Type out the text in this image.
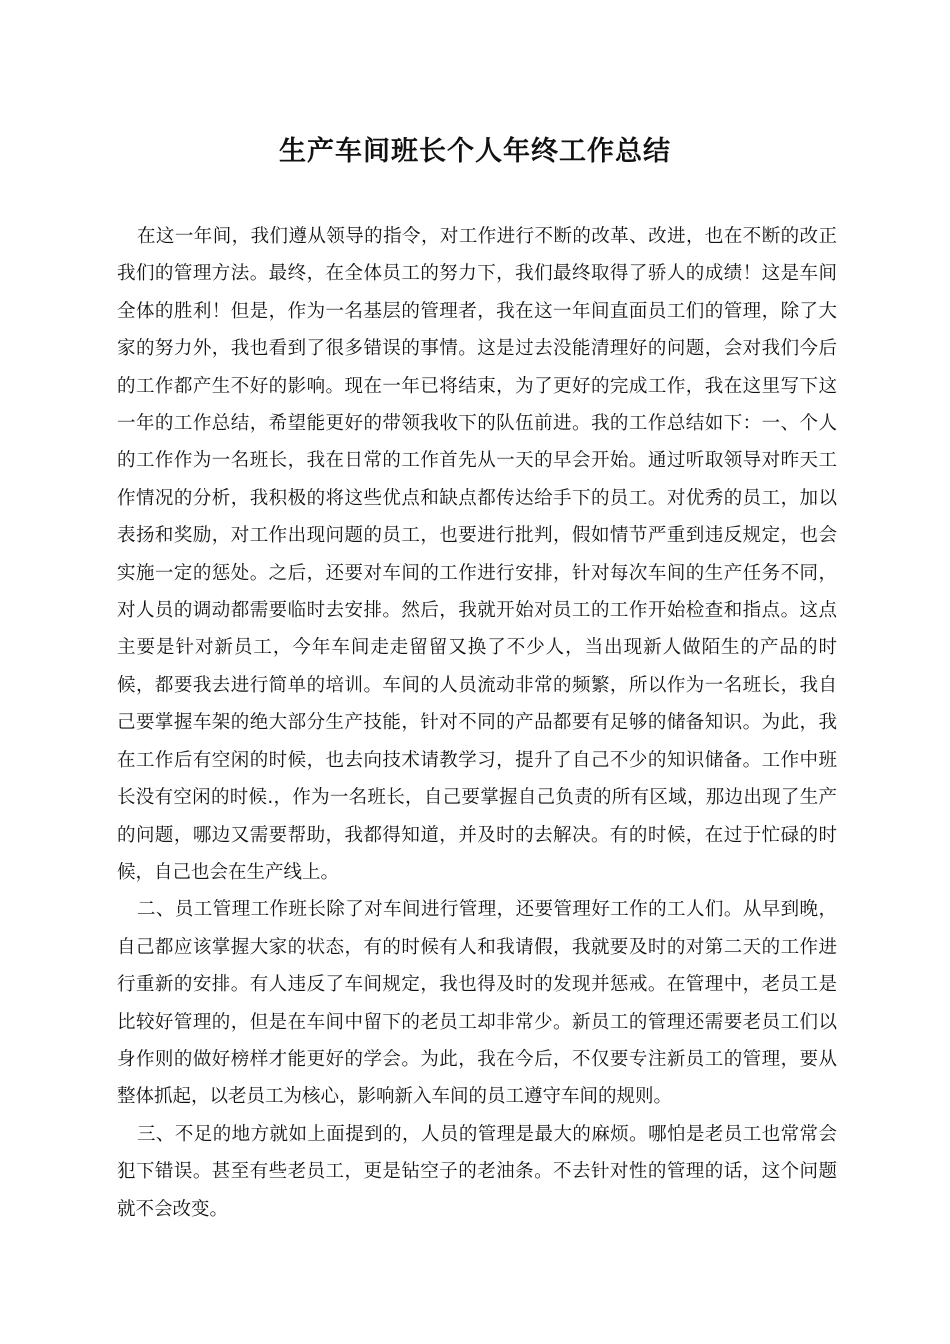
生产车间班长个人年终工作总结

在这一年间，我们遵从领导的指令，对工作进行不断的改革、改进，也在不断的改正我们的管理方法。最终，在全体员工的努力下，我们最终取得了骄人的成绩！这是车间全体的胜利！但是，作为一名基层的管理者，我在这一年间直面员工们的管理，除了大家的努力外，我也看到了很多错误的事情。这是过去没能清理好的问题，会对我们今后的工作都产生不好的影响。现在一年已将结束，为了更好的完成工作，我在这里写下这一年的工作总结，希望能更好的带领我收下的队伍前进。我的工作总结如下：一、个人的工作作为一名班长，我在日常的工作首先从一天的早会开始。通过听取领导对昨天工作情况的分析，我积极的将这些优点和缺点都传达给手下的员工。对优秀的员工，加以表扬和奖励，对工作出现问题的员工，也要进行批判，假如情节严重到违反规定，也会实施一定的惩处。之后，还要对车间的工作进行安排，针对每次车间的生产任务不同，对人员的调动都需要临时去安排。然后，我就开始对员工的工作开始检查和指点。这点主要是针对新员工，今年车间走走留留又换了不少人，当出现新人做陌生的产品的时候，都要我去进行简单的培训。车间的人员流动非常的频繁，所以作为一名班长，我自己要掌握车架的绝大部分生产技能，针对不同的产品都要有足够的储备知识。为此，我在工作后有空闲的时候，也去向技术请教学习，提升了自己不少的知识储备。工作中班长没有空闲的时候.，作为一名班长，自己要掌握自己负责的所有区域，那边出现了生产的问题，哪边又需要帮助，我都得知道，并及时的去解决。有的时候，在过于忙碌的时候，自己也会在生产线上。

二、员工管理工作班长除了对车间进行管理，还要管理好工作的工人们。从早到晚，自己都应该掌握大家的状态，有的时候有人和我请假，我就要及时的对第二天的工作进行重新的安排。有人违反了车间规定，我也得及时的发现并惩戒。在管理中，老员工是比较好管理的，但是在车间中留下的老员工却非常少。新员工的管理还需要老员工们以身作则的做好榜样才能更好的学会。为此，我在今后，不仅要专注新员工的管理，要从整体抓起，以老员工为核心，影响新入车间的员工遵守车间的规则。

三、不足的地方就如上面提到的，人员的管理是最大的麻烦。哪怕是老员工也常常会犯下错误。甚至有些老员工，更是钻空子的老油条。不去针对性的管理的话，这个问题就不会改变。
